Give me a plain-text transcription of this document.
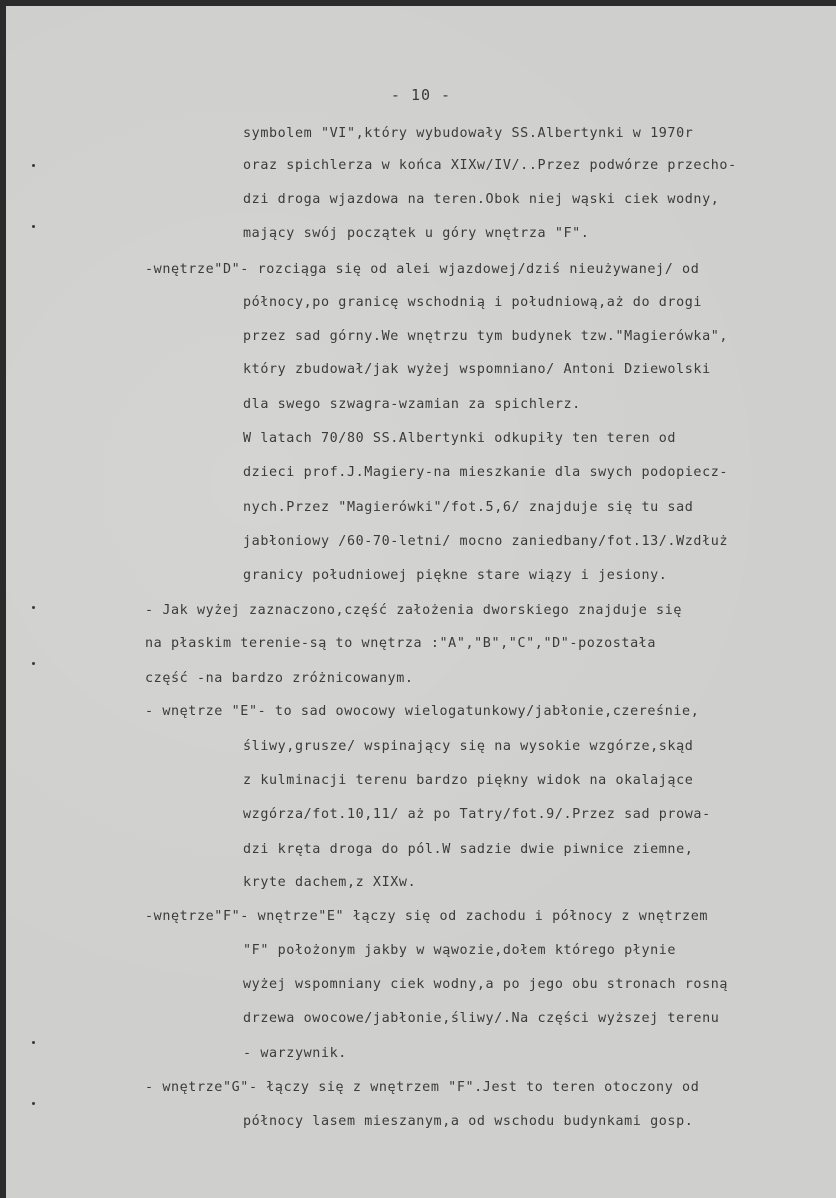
- 10 -
symbolem "VI",który wybudowały SS.Albertynki w 1970r
oraz spichlerza w końca XIXw/IV/..Przez podwórze przecho-
dzi droga wjazdowa na teren.Obok niej wąski ciek wodny,
mający swój początek u góry wnętrza "F".
-wnętrze"D"- rozciąga się od alei wjazdowej/dziś nieużywanej/ od
północy,po granicę wschodnią i południową,aż do drogi
przez sad górny.We wnętrzu tym budynek tzw."Magierówka",
który zbudował/jak wyżej wspomniano/ Antoni Dziewolski
dla swego szwagra-wzamian za spichlerz.
W latach 70/80 SS.Albertynki odkupiły ten teren od
dzieci prof.J.Magiery-na mieszkanie dla swych podopiecz-
nych.Przez "Magierówki"/fot.5,6/ znajduje się tu sad
jabłoniowy /60-70-letni/ mocno zaniedbany/fot.13/.Wzdłuż
granicy południowej piękne stare wiązy i jesiony.
- Jak wyżej zaznaczono,część założenia dworskiego znajduje się
na płaskim terenie-są to wnętrza :"A","B","C","D"-pozostała
część -na bardzo zróżnicowanym.
- wnętrze "E"- to sad owocowy wielogatunkowy/jabłonie,czereśnie,
śliwy,grusze/ wspinający się na wysokie wzgórze,skąd
z kulminacji terenu bardzo piękny widok na okalające
wzgórza/fot.10,11/ aż po Tatry/fot.9/.Przez sad prowa-
dzi kręta droga do pól.W sadzie dwie piwnice ziemne,
kryte dachem,z XIXw.
-wnętrze"F"- wnętrze"E" łączy się od zachodu i północy z wnętrzem
"F" położonym jakby w wąwozie,dołem którego płynie
wyżej wspomniany ciek wodny,a po jego obu stronach rosną
drzewa owocowe/jabłonie,śliwy/.Na części wyższej terenu
- warzywnik.
- wnętrze"G"- łączy się z wnętrzem "F".Jest to teren otoczony od
północy lasem mieszanym,a od wschodu budynkami gosp.
